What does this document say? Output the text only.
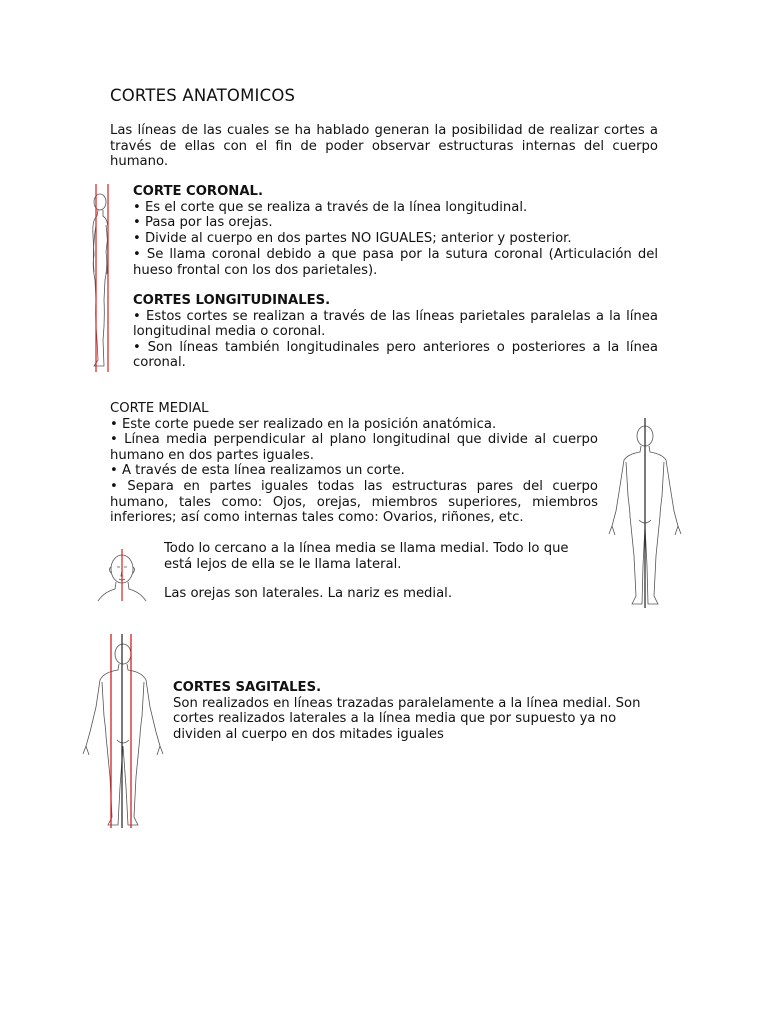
CORTES ANATOMICOS

Las líneas de las cuales se ha hablado generan la posibilidad de realizar cortes a través de ellas con el fin de poder observar estructuras internas del cuerpo humano.

CORTE CORONAL.

• Es el corte que se realiza a través de la línea longitudinal.

• Pasa por las orejas.

• Divide al cuerpo en dos partes NO IGUALES; anterior y posterior.

• Se llama coronal debido a que pasa por la sutura coronal (Articulación del hueso frontal con los dos parietales).

CORTES LONGITUDINALES.

• Estos cortes se realizan a través de las líneas parietales paralelas a la línea longitudinal media o coronal.

• Son líneas también longitudinales pero anteriores o posteriores a la línea coronal.

CORTE MEDIAL

• Este corte puede ser realizado en la posición anatómica.

• Línea media perpendicular al plano longitudinal que divide al cuerpo humano en dos partes iguales.

• A través de esta línea realizamos un corte.

• Separa en partes iguales todas las estructuras pares del cuerpo humano, tales como: Ojos, orejas, miembros superiores, miembros inferiores; así como internas tales como: Ovarios, riñones, etc.

Todo lo cercano a la línea media se llama medial. Todo lo que está lejos de ella se le llama lateral.

Las orejas son laterales. La nariz es medial.

CORTES SAGITALES.

Son realizados en líneas trazadas paralelamente a la línea medial. Son cortes realizados laterales a la línea media que por supuesto ya no dividen al cuerpo en dos mitades iguales
